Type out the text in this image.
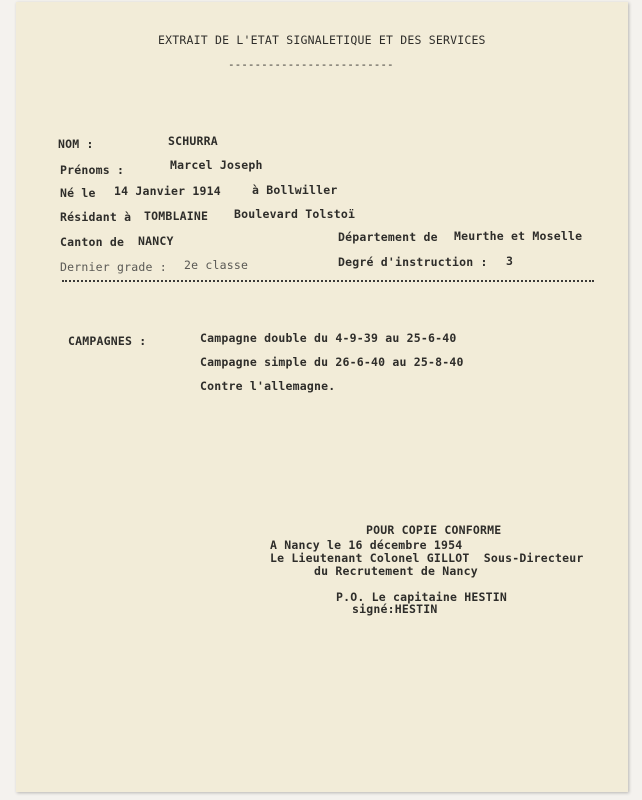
EXTRAIT DE L'ETAT SIGNALETIQUE ET DES SERVICES
-------------------------
NOM :	SCHURRA
Prénoms :	Marcel Joseph
Né le 14 Janvier 1914	à Bollwiller
Résidant à TOMBLAINE Boulevard Tolstoï
Canton de NANCY	Département de Meurthe et Moselle
Dernier grade : 2e classe	Degré d'instruction : 3
CAMPAGNES :	Campagne double du 4-9-39 au 25-6-40
Campagne simple du 26-6-40 au 25-8-40
Contre l'allemagne.
POUR COPIE CONFORME
A Nancy le 16 décembre 1954
Le Lieutenant Colonel GILLOT  Sous-Directeur
du Recrutement de Nancy
P.O. Le capitaine HESTIN
signé:HESTIN
